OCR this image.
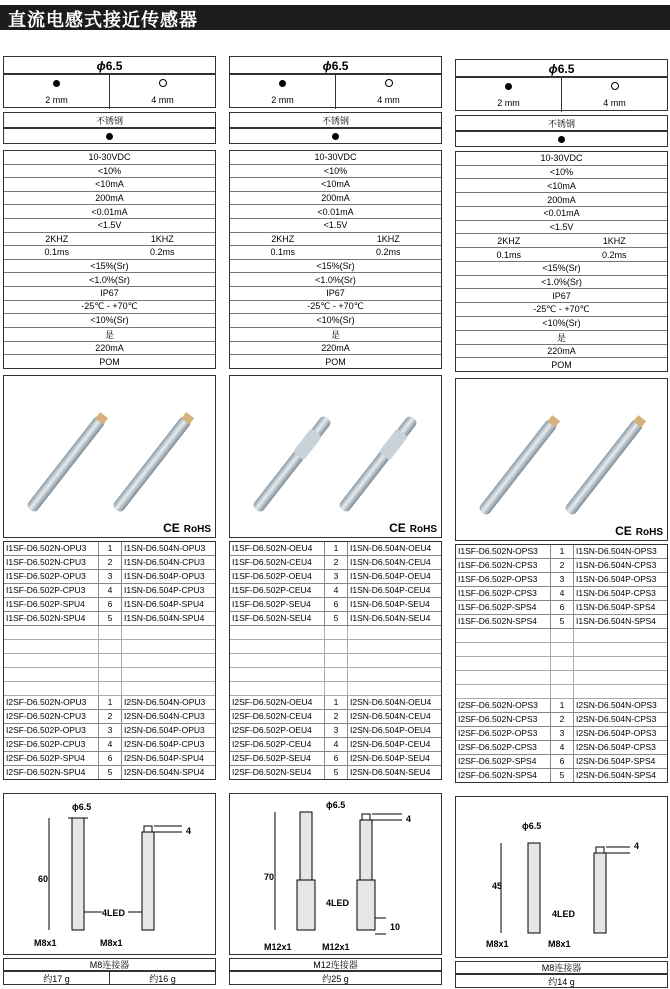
直流电感式接近传感器
ϕ6.5
2 mm	4 mm
不锈钢
10-30VDC
<10%
<10mA
200mA
<0.01mA
<1.5V
2KHZ	1KHZ
0.1ms	0.2ms
<15%(Sr)
<1.0%(Sr)
IP67
-25℃ - +70℃
<10%(Sr)
是
220mA
POM
CE RoHS
I1SF-D6.502N-OPU3	1	I1SN-D6.504N-OPU3
I1SF-D6.502N-CPU3	2	I1SN-D6.504N-CPU3
I1SF-D6.502P-OPU3	3	I1SN-D6.504P-OPU3
I1SF-D6.502P-CPU3	4	I1SN-D6.504P-CPU3
I1SF-D6.502P-SPU4	6	I1SN-D6.504P-SPU4
I1SF-D6.502N-SPU4	5	I1SN-D6.504N-SPU4
I2SF-D6.502N-OPU3	1	I2SN-D6.504N-OPU3
I2SF-D6.502N-CPU3	2	I2SN-D6.504N-CPU3
I2SF-D6.502P-OPU3	3	I2SN-D6.504P-OPU3
I2SF-D6.502P-CPU3	4	I2SN-D6.504P-CPU3
I2SF-D6.502P-SPU4	6	I2SN-D6.504P-SPU4
I2SF-D6.502N-SPU4	5	I2SN-D6.504N-SPU4
60
ϕ6.5
4
4LED
M8x1	M8x1
M8连接器
约17 g	约16 g
ϕ6.5
2 mm	4 mm
不锈钢
10-30VDC
<10%
<10mA
200mA
<0.01mA
<1.5V
2KHZ	1KHZ
0.1ms	0.2ms
<15%(Sr)
<1.0%(Sr)
IP67
-25℃ - +70℃
<10%(Sr)
是
220mA
POM
CE RoHS
I1SF-D6.502N-OEU4	1	I1SN-D6.504N-OEU4
I1SF-D6.502N-CEU4	2	I1SN-D6.504N-CEU4
I1SF-D6.502P-OEU4	3	I1SN-D6.504P-OEU4
I1SF-D6.502P-CEU4	4	I1SN-D6.504P-CEU4
I1SF-D6.502P-SEU4	6	I1SN-D6.504P-SEU4
I1SF-D6.502N-SEU4	5	I1SN-D6.504N-SEU4
I2SF-D6.502N-OEU4	1	I2SN-D6.504N-OEU4
I2SF-D6.502N-CEU4	2	I2SN-D6.504N-CEU4
I2SF-D6.502P-OEU4	3	I2SN-D6.504P-OEU4
I2SF-D6.502P-CEU4	4	I2SN-D6.504P-CEU4
I2SF-D6.502P-SEU4	6	I2SN-D6.504P-SEU4
I2SF-D6.502N-SEU4	5	I2SN-D6.504N-SEU4
70
ϕ6.5
4
4LED
10
M12x1	M12x1
M12连接器
约25 g
ϕ6.5
2 mm	4 mm
不锈钢
10-30VDC
<10%
<10mA
200mA
<0.01mA
<1.5V
2KHZ	1KHZ
0.1ms	0.2ms
<15%(Sr)
<1.0%(Sr)
IP67
-25℃ - +70℃
<10%(Sr)
是
220mA
POM
CE RoHS
I1SF-D6.502N-OPS3	1	I1SN-D6.504N-OPS3
I1SF-D6.502N-CPS3	2	I1SN-D6.504N-CPS3
I1SF-D6.502P-OPS3	3	I1SN-D6.504P-OPS3
I1SF-D6.502P-CPS3	4	I1SN-D6.504P-CPS3
I1SF-D6.502P-SPS4	6	I1SN-D6.504P-SPS4
I1SF-D6.502N-SPS4	5	I1SN-D6.504N-SPS4
I2SF-D6.502N-OPS3	1	I2SN-D6.504N-OPS3
I2SF-D6.502N-CPS3	2	I2SN-D6.504N-CPS3
I2SF-D6.502P-OPS3	3	I2SN-D6.504P-OPS3
I2SF-D6.502P-CPS3	4	I2SN-D6.504P-CPS3
I2SF-D6.502P-SPS4	6	I2SN-D6.504P-SPS4
I2SF-D6.502N-SPS4	5	I2SN-D6.504N-SPS4
45
ϕ6.5
4
4LED
M8x1	M8x1
M8连接器
约14 g
